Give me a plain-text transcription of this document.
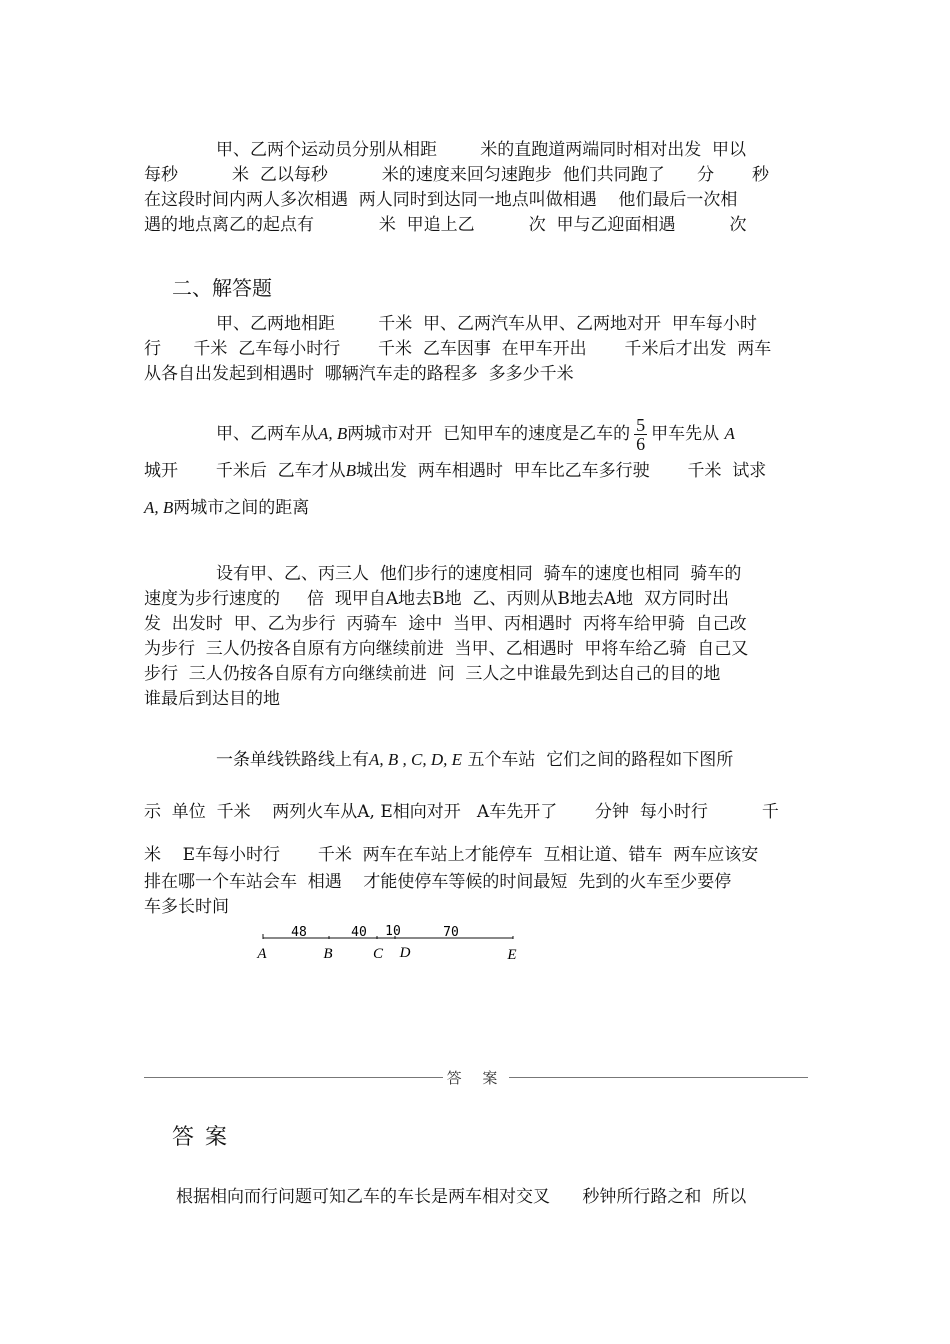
甲、乙两个运动员分别从相距        米的直跑道两端同时相对出发  甲以
每秒          米  乙以每秒          米的速度来回匀速跑步  他们共同跑了      分       秒
在这段时间内两人多次相遇  两人同时到达同一地点叫做相遇    他们最后一次相
遇的地点离乙的起点有            米  甲追上乙          次  甲与乙迎面相遇          次
二、解答题
甲、乙两地相距        千米  甲、乙两汽车从甲、乙两地对开  甲车每小时
行      千米  乙车每小时行       千米  乙车因事  在甲车开出       千米后才出发  两车
从各自出发起到相遇时  哪辆汽车走的路程多  多多少千米
甲、乙两车从A, B两城市对开  已知甲车的速度是乙车的 $\frac{5}{6}$ 甲车先从 A
城开       千米后  乙车才从B城出发  两车相遇时  甲车比乙车多行驶       千米  试求
A, B两城市之间的距离
设有甲、乙、丙三人  他们步行的速度相同  骑车的速度也相同  骑车的
速度为步行速度的     倍  现甲自A地去B地  乙、丙则从B地去A地  双方同时出
发  出发时  甲、乙为步行  丙骑车  途中  当甲、丙相遇时  丙将车给甲骑  自己改
为步行  三人仍按各自原有方向继续前进  当甲、乙相遇时  甲将车给乙骑  自己又
步行  三人仍按各自原有方向继续前进  问  三人之中谁最先到达自己的目的地
谁最后到达目的地
一条单线铁路线上有A, B , C, D, E 五个车站  它们之间的路程如下图所
示  单位  千米    两列火车从A, E相向对开   A车先开了       分钟  每小时行          千
米    E车每小时行       千米  两车在车站上才能停车  互相让道、错车  两车应该安
排在哪一个车站会车  相遇    才能使停车等候的时间最短  先到的火车至少要停
车多长时间
48	40 10	70
A	B	C D	E
答 案
答 案
根据相向而行问题可知乙车的车长是两车相对交叉      秒钟所行路之和  所以
